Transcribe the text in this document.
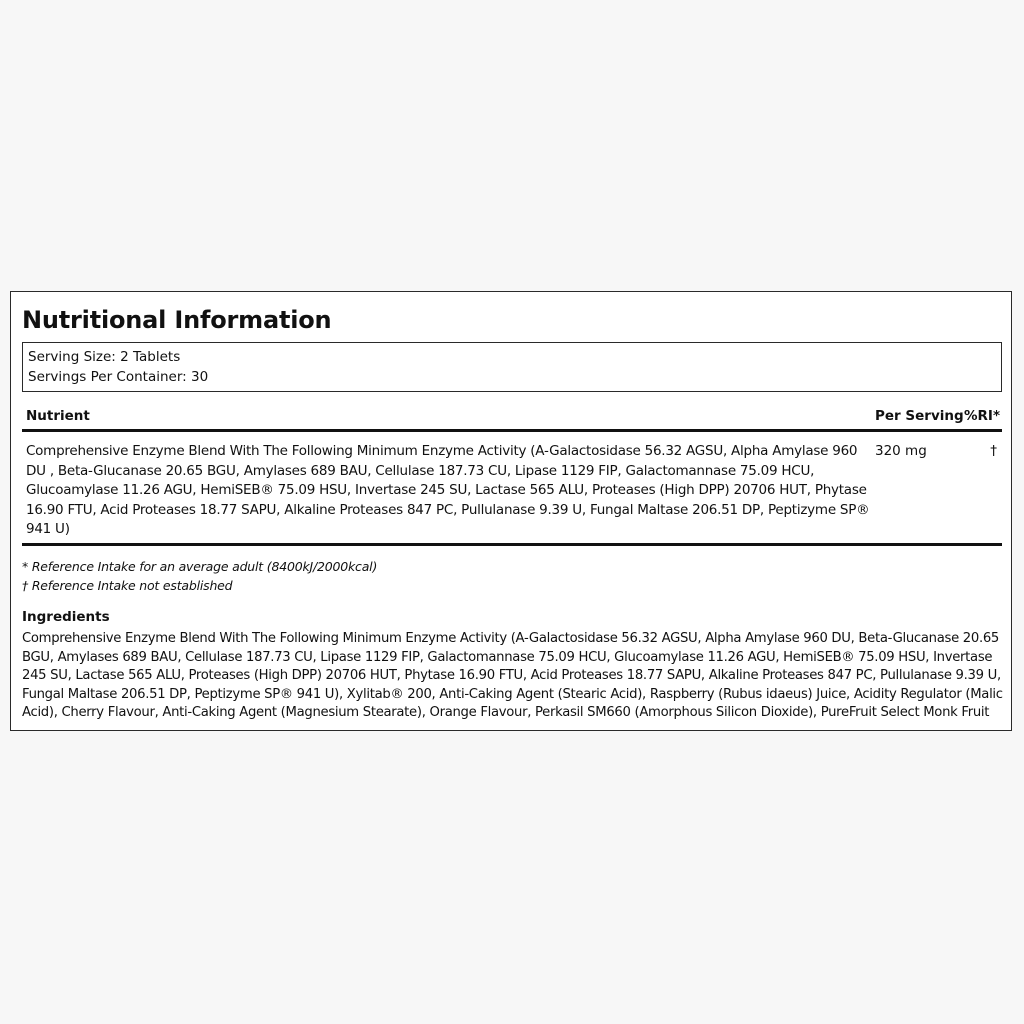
Nutritional Information
Serving Size: 2 Tablets
Servings Per Container: 30
Nutrient	Per Serving %RI*
Comprehensive Enzyme Blend With The Following Minimum Enzyme Activity (A-Galactosidase 56.32 AGSU, Alpha Amylase 960 DU , Beta-Glucanase 20.65 BGU, Amylases 689 BAU, Cellulase 187.73 CU, Lipase 1129 FIP, Galactomannase 75.09 HCU, Glucoamylase 11.26 AGU, HemiSEB® 75.09 HSU, Invertase 245 SU, Lactase 565 ALU, Proteases (High DPP) 20706 HUT, Phytase 16.90 FTU, Acid Proteases 18.77 SAPU, Alkaline Proteases 847 PC, Pullulanase 9.39 U, Fungal Maltase 206.51 DP, Peptizyme SP® 941 U)
320 mg	†
* Reference Intake for an average adult (8400kJ/2000kcal)
† Reference Intake not established
Ingredients
Comprehensive Enzyme Blend With The Following Minimum Enzyme Activity (A-Galactosidase 56.32 AGSU, Alpha Amylase 960 DU, Beta-Glucanase 20.65 BGU, Amylases 689 BAU, Cellulase 187.73 CU, Lipase 1129 FIP, Galactomannase 75.09 HCU, Glucoamylase 11.26 AGU, HemiSEB® 75.09 HSU, Invertase 245 SU, Lactase 565 ALU, Proteases (High DPP) 20706 HUT, Phytase 16.90 FTU, Acid Proteases 18.77 SAPU, Alkaline Proteases 847 PC, Pullulanase 9.39 U, Fungal Maltase 206.51 DP, Peptizyme SP® 941 U), Xylitab® 200, Anti-Caking Agent (Stearic Acid), Raspberry (Rubus idaeus) Juice, Acidity Regulator (Malic Acid), Cherry Flavour, Anti-Caking Agent (Magnesium Stearate), Orange Flavour, Perkasil SM660 (Amorphous Silicon Dioxide), PureFruit Select Monk Fruit
